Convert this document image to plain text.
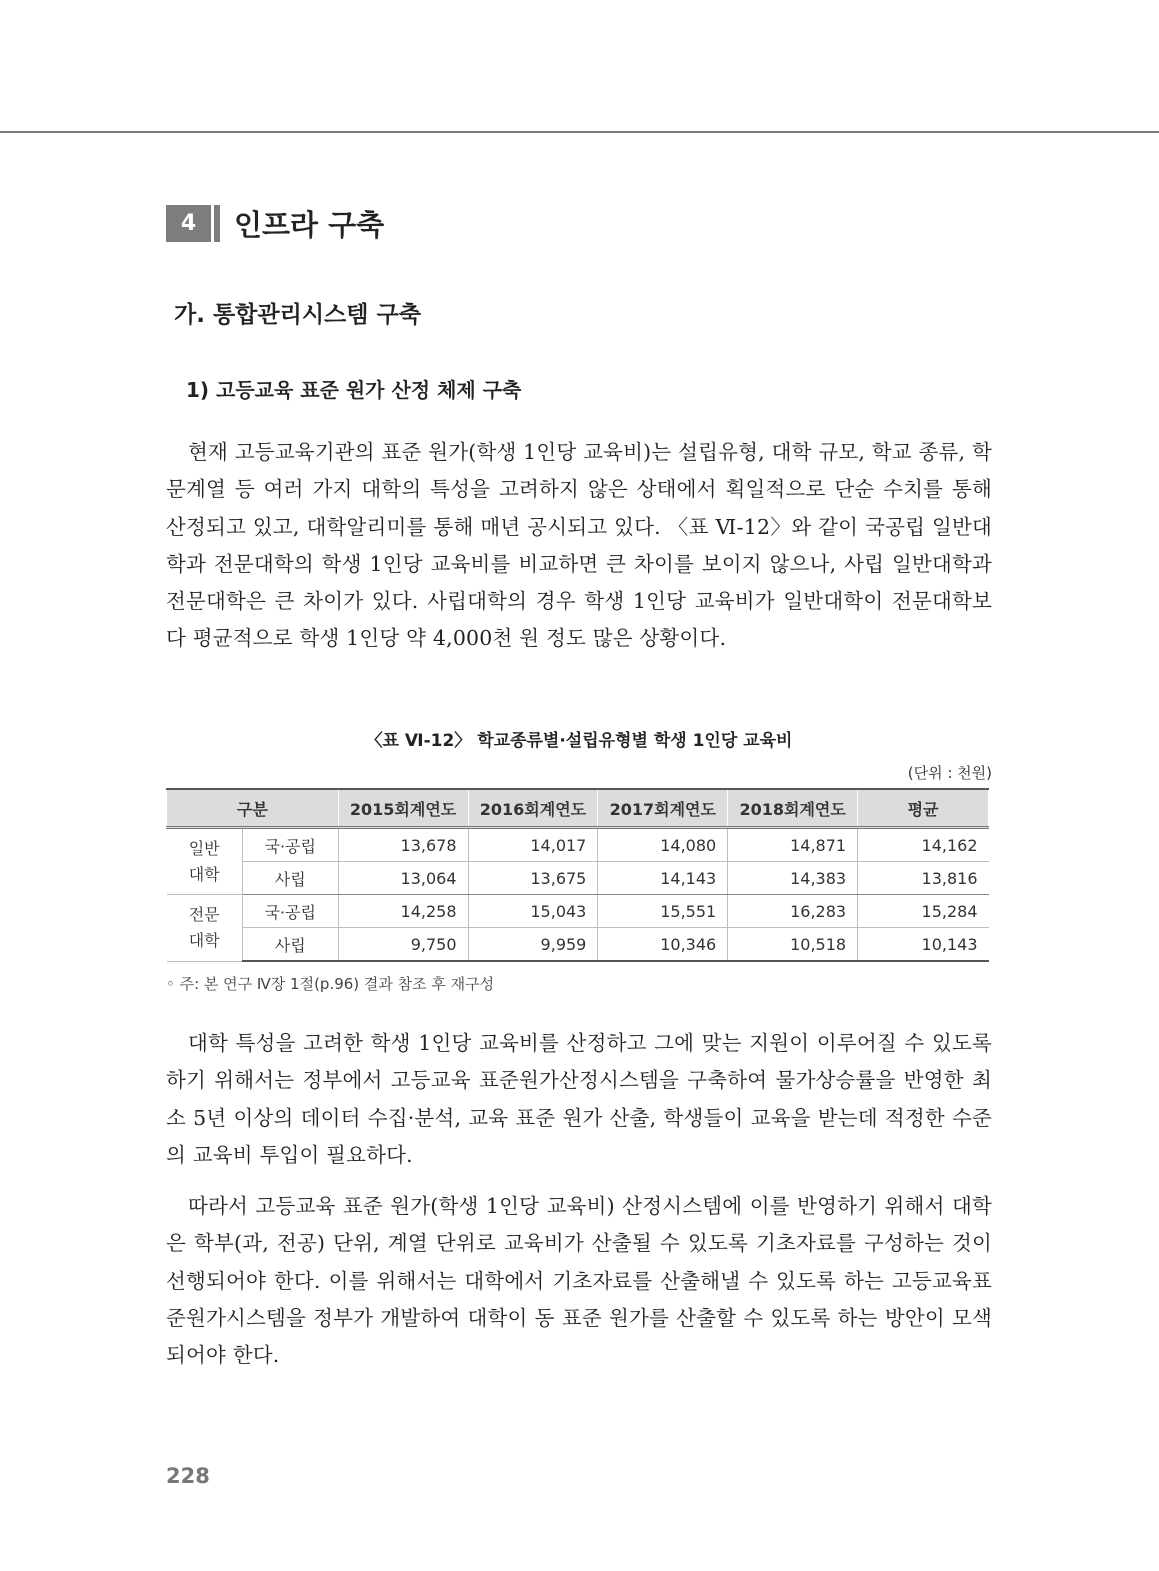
4	인프라 구축
가. 통합관리시스템 구축
1) 고등교육 표준 원가 산정 체제 구축

현재 고등교육기관의 표준 원가(학생 1인당 교육비)는 설립유형, 대학 규모, 학교 종류, 학문계열 등 여러 가지 대학의 특성을 고려하지 않은 상태에서 획일적으로 단순 수치를 통해 산정되고 있고, 대학알리미를 통해 매년 공시되고 있다. 〈표 Ⅵ-12〉와 같이 국공립 일반대학과 전문대학의 학생 1인당 교육비를 비교하면 큰 차이를 보이지 않으나, 사립 일반대학과 전문대학은 큰 차이가 있다. 사립대학의 경우 학생 1인당 교육비가 일반대학이 전문대학보다 평균적으로 학생 1인당 약 4,000천 원 정도 많은 상황이다.

〈표 Ⅵ-12〉 학교종류별·설립유형별 학생 1인당 교육비
(단위 : 천원)
구분		2015회계연도	2016회계연도	2017회계연도	2018회계연도	평균
일반
대학	국·공립	13,678	14,017	14,080	14,871	14,162
	사립	13,064	13,675	14,143	14,383	13,816
전문
대학	국·공립	14,258	15,043	15,551	16,283	15,284
	사립	9,750	9,959	10,346	10,518	10,143
◦ 주: 본 연구 Ⅳ장 1절(p.96) 결과 참조 후 재구성

대학 특성을 고려한 학생 1인당 교육비를 산정하고 그에 맞는 지원이 이루어질 수 있도록 하기 위해서는 정부에서 고등교육 표준원가산정시스템을 구축하여 물가상승률을 반영한 최소 5년 이상의 데이터 수집·분석, 교육 표준 원가 산출, 학생들이 교육을 받는데 적정한 수준의 교육비 투입이 필요하다.

따라서 고등교육 표준 원가(학생 1인당 교육비) 산정시스템에 이를 반영하기 위해서 대학은 학부(과, 전공) 단위, 계열 단위로 교육비가 산출될 수 있도록 기초자료를 구성하는 것이 선행되어야 한다. 이를 위해서는 대학에서 기초자료를 산출해낼 수 있도록 하는 고등교육표준원가시스템을 정부가 개발하여 대학이 동 표준 원가를 산출할 수 있도록 하는 방안이 모색되어야 한다.

228
